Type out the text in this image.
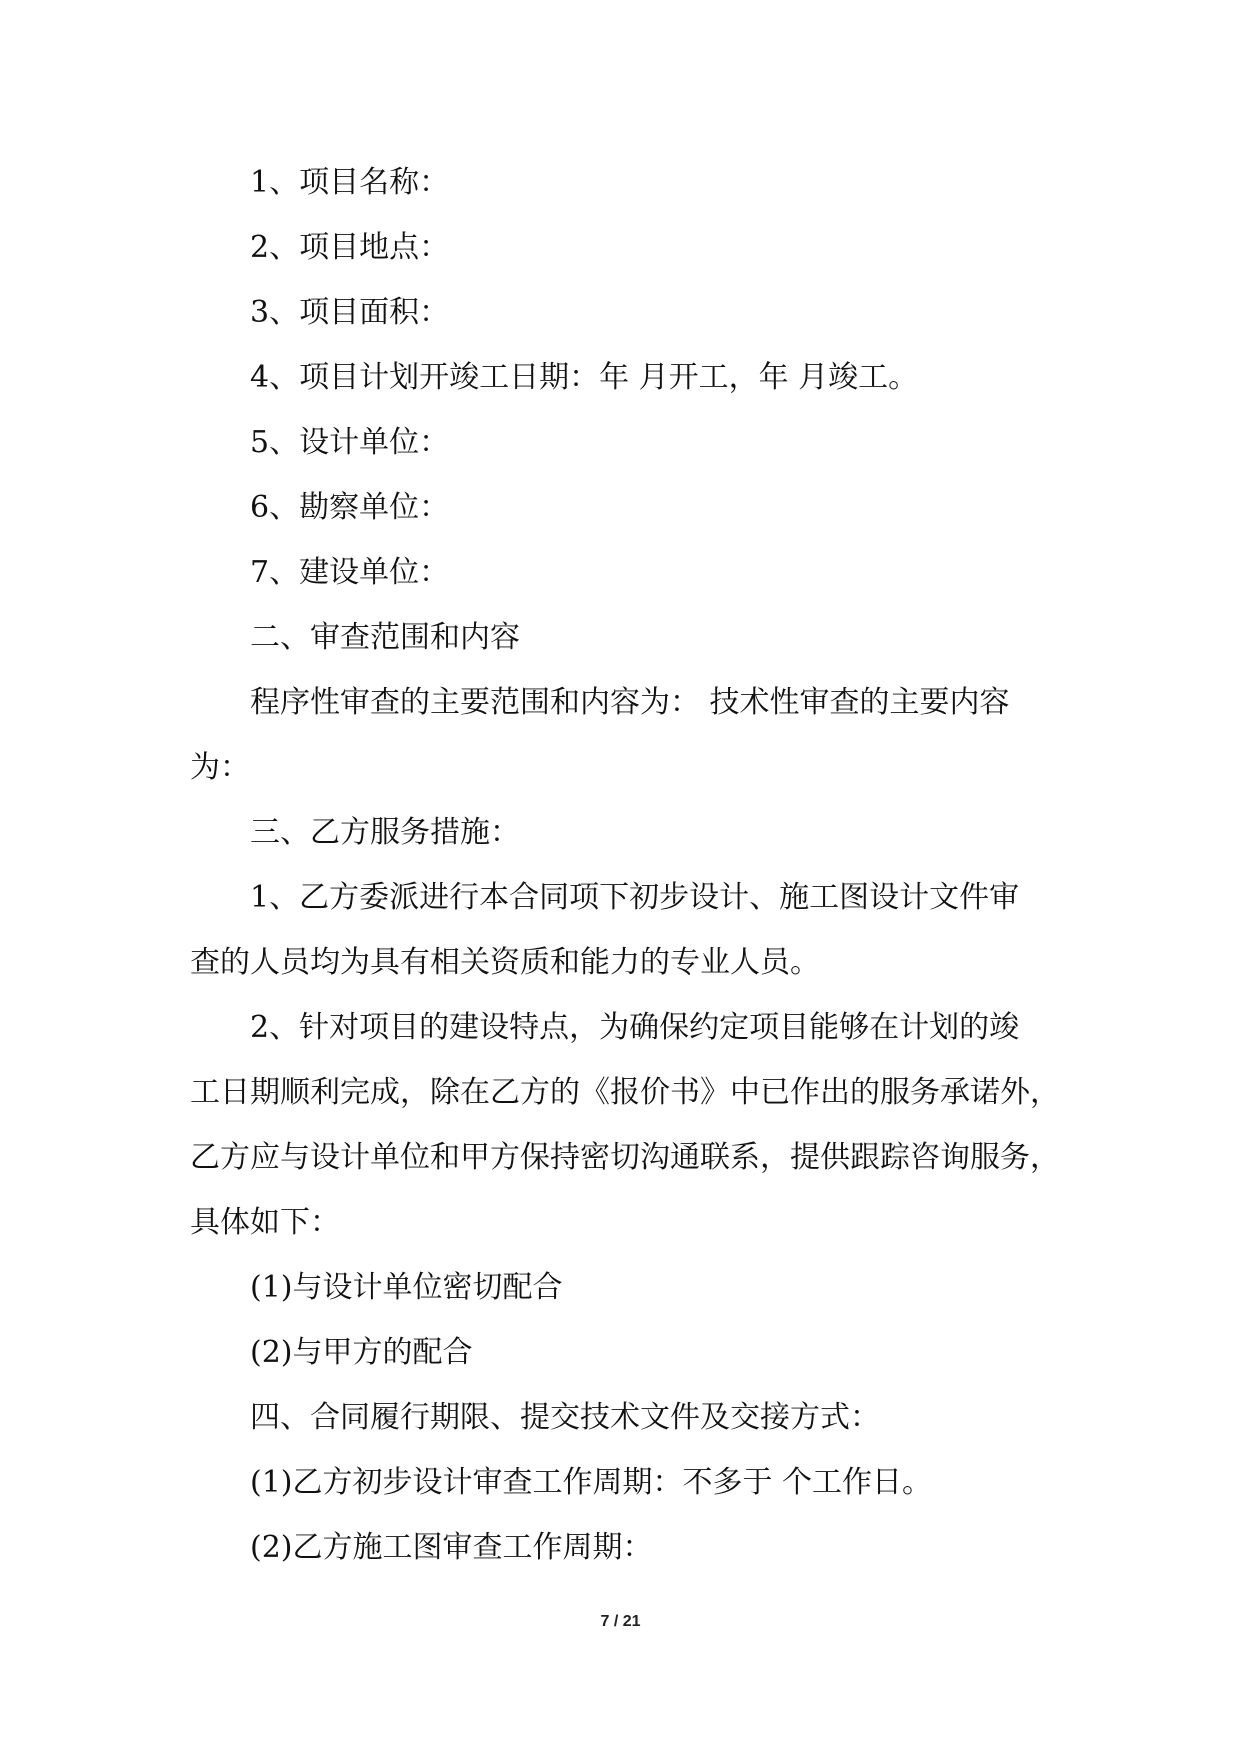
1、项目名称：
2、项目地点：
3、项目面积：
4、项目计划开竣工日期：年 月开工，年 月竣工。
5、设计单位：
6、勘察单位：
7、建设单位：
二、审查范围和内容
程序性审查的主要范围和内容为： 技术性审查的主要内容
为：
三、乙方服务措施：
1、乙方委派进行本合同项下初步设计、施工图设计文件审
查的人员均为具有相关资质和能力的专业人员。
2、针对项目的建设特点，为确保约定项目能够在计划的竣
工日期顺利完成，除在乙方的《报价书》中已作出的服务承诺外，
乙方应与设计单位和甲方保持密切沟通联系，提供跟踪咨询服务，
具体如下：
(1)与设计单位密切配合
(2)与甲方的配合
四、合同履行期限、提交技术文件及交接方式：
(1)乙方初步设计审查工作周期：不多于 个工作日。
(2)乙方施工图审查工作周期：
7 / 21
